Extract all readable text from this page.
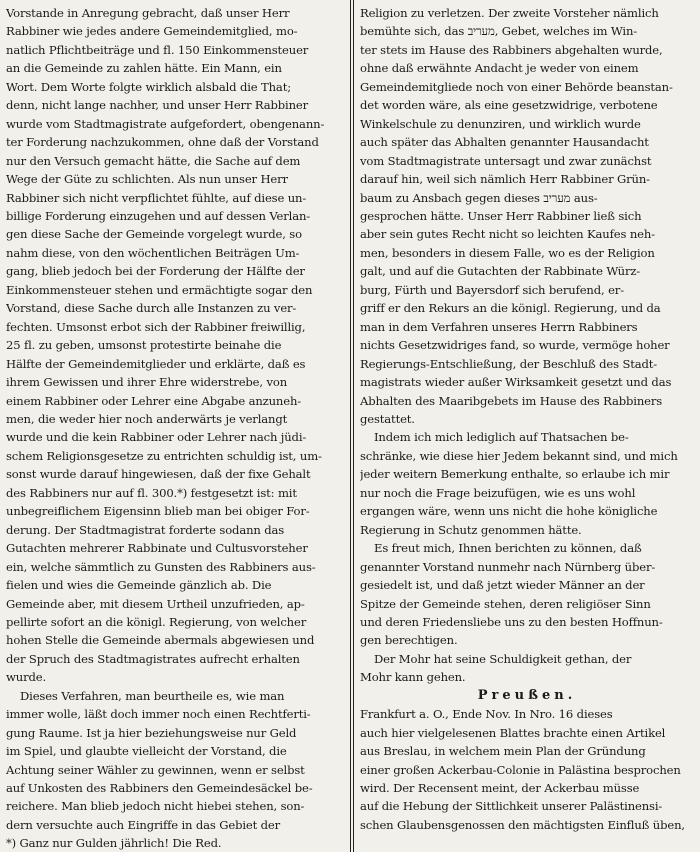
Vorstande in Anregung gebracht, daß unser Herr
Rabbiner wie jedes andere Gemeindemitglied, mo-
natlich Pflichtbeiträge und fl. 150 Einkommensteuer
an die Gemeinde zu zahlen hätte. Ein Mann, ein
Wort. Dem Worte folgte wirklich alsbald die That;
denn, nicht lange nachher, und unser Herr Rabbiner
wurde vom Stadtmagistrate aufgefordert, obengenann-
ter Forderung nachzukommen, ohne daß der Vorstand
nur den Versuch gemacht hätte, die Sache auf dem
Wege der Güte zu schlichten. Als nun unser Herr
Rabbiner sich nicht verpflichtet fühlte, auf diese un-
billige Forderung einzugehen und auf dessen Verlan-
gen diese Sache der Gemeinde vorgelegt wurde, so
nahm diese, von den wöchentlichen Beiträgen Um-
gang, blieb jedoch bei der Forderung der Hälfte der
Einkommensteuer stehen und ermächtigte sogar den
Vorstand, diese Sache durch alle Instanzen zu ver-
fechten. Umsonst erbot sich der Rabbiner freiwillig,
25 fl. zu geben, umsonst protestirte beinahe die
Hälfte der Gemeindemitglieder und erklärte, daß es
ihrem Gewissen und ihrer Ehre widerstrebe, von
einem Rabbiner oder Lehrer eine Abgabe anzuneh-
men, die weder hier noch anderwärts je verlangt
wurde und die kein Rabbiner oder Lehrer nach jüdi-
schem Religionsgesetze zu entrichten schuldig ist, um-
sonst wurde darauf hingewiesen, daß der fixe Gehalt
des Rabbiners nur auf fl. 300.*) festgesetzt ist: mit
unbegreiflichem Eigensinn blieb man bei obiger For-
derung. Der Stadtmagistrat forderte sodann das
Gutachten mehrerer Rabbinate und Cultusvorsteher
ein, welche sämmtlich zu Gunsten des Rabbiners aus-
fielen und wies die Gemeinde gänzlich ab. Die
Gemeinde aber, mit diesem Urtheil unzufrieden, ap-
pellirte sofort an die königl. Regierung, von welcher
hohen Stelle die Gemeinde abermals abgewiesen und
der Spruch des Stadtmagistrates aufrecht erhalten
wurde.
Dieses Verfahren, man beurtheile es, wie man
immer wolle, läßt doch immer noch einen Rechtferti-
gung Raume. Ist ja hier beziehungsweise nur Geld
im Spiel, und glaubte vielleicht der Vorstand, die
Achtung seiner Wähler zu gewinnen, wenn er selbst
auf Unkosten des Rabbiners den Gemeindesäckel be-
reichere. Man blieb jedoch nicht hiebei stehen, son-
dern versuchte auch Eingriffe in das Gebiet der
*) Ganz nur Gulden jährlich! Die Red.
Religion zu verletzen. Der zweite Vorsteher nämlich
bemühte sich, das מעריב, Gebet, welches im Win-
ter stets im Hause des Rabbiners abgehalten wurde,
ohne daß erwähnte Andacht je weder von einem
Gemeindemitgliede noch von einer Behörde beanstan-
det worden wäre, als eine gesetzwidrige, verbotene
Winkelschule zu denunziren, und wirklich wurde
auch später das Abhalten genannter Hausandacht
vom Stadtmagistrate untersagt und zwar zunächst
darauf hin, weil sich nämlich Herr Rabbiner Grün-
baum zu Ansbach gegen dieses מעריב aus-
gesprochen hätte. Unser Herr Rabbiner ließ sich
aber sein gutes Recht nicht so leichten Kaufes neh-
men, besonders in diesem Falle, wo es der Religion
galt, und auf die Gutachten der Rabbinate Würz-
burg, Fürth und Bayersdorf sich berufend, er-
griff er den Rekurs an die königl. Regierung, und da
man in dem Verfahren unseres Herrn Rabbiners
nichts Gesetzwidriges fand, so wurde, vermöge hoher
Regierungs-Entschließung, der Beschluß des Stadt-
magistrats wieder außer Wirksamkeit gesetzt und das
Abhalten des Maaribgebets im Hause des Rabbiners
gestattet.
Indem ich mich lediglich auf Thatsachen be-
schränke, wie diese hier Jedem bekannt sind, und mich
jeder weitern Bemerkung enthalte, so erlaube ich mir
nur noch die Frage beizufügen, wie es uns wohl
ergangen wäre, wenn uns nicht die hohe königliche
Regierung in Schutz genommen hätte.
Es freut mich, Ihnen berichten zu können, daß
genannter Vorstand nunmehr nach Nürnberg über-
gesiedelt ist, und daß jetzt wieder Männer an der
Spitze der Gemeinde stehen, deren religiöser Sinn
und deren Friedensliebe uns zu den besten Hoffnun-
gen berechtigen.
Der Mohr hat seine Schuldigkeit gethan, der
Mohr kann gehen.
Preußen.
Frankfurt a. O., Ende Nov. In Nro. 16 dieses
auch hier vielgelesenen Blattes brachte einen Artikel
aus Breslau, in welchem mein Plan der Gründung
einer großen Ackerbau-Colonie in Palästina besprochen
wird. Der Recensent meint, der Ackerbau müsse
auf die Hebung der Sittlichkeit unserer Palästinensi-
schen Glaubensgenossen den mächtigsten Einfluß üben,
